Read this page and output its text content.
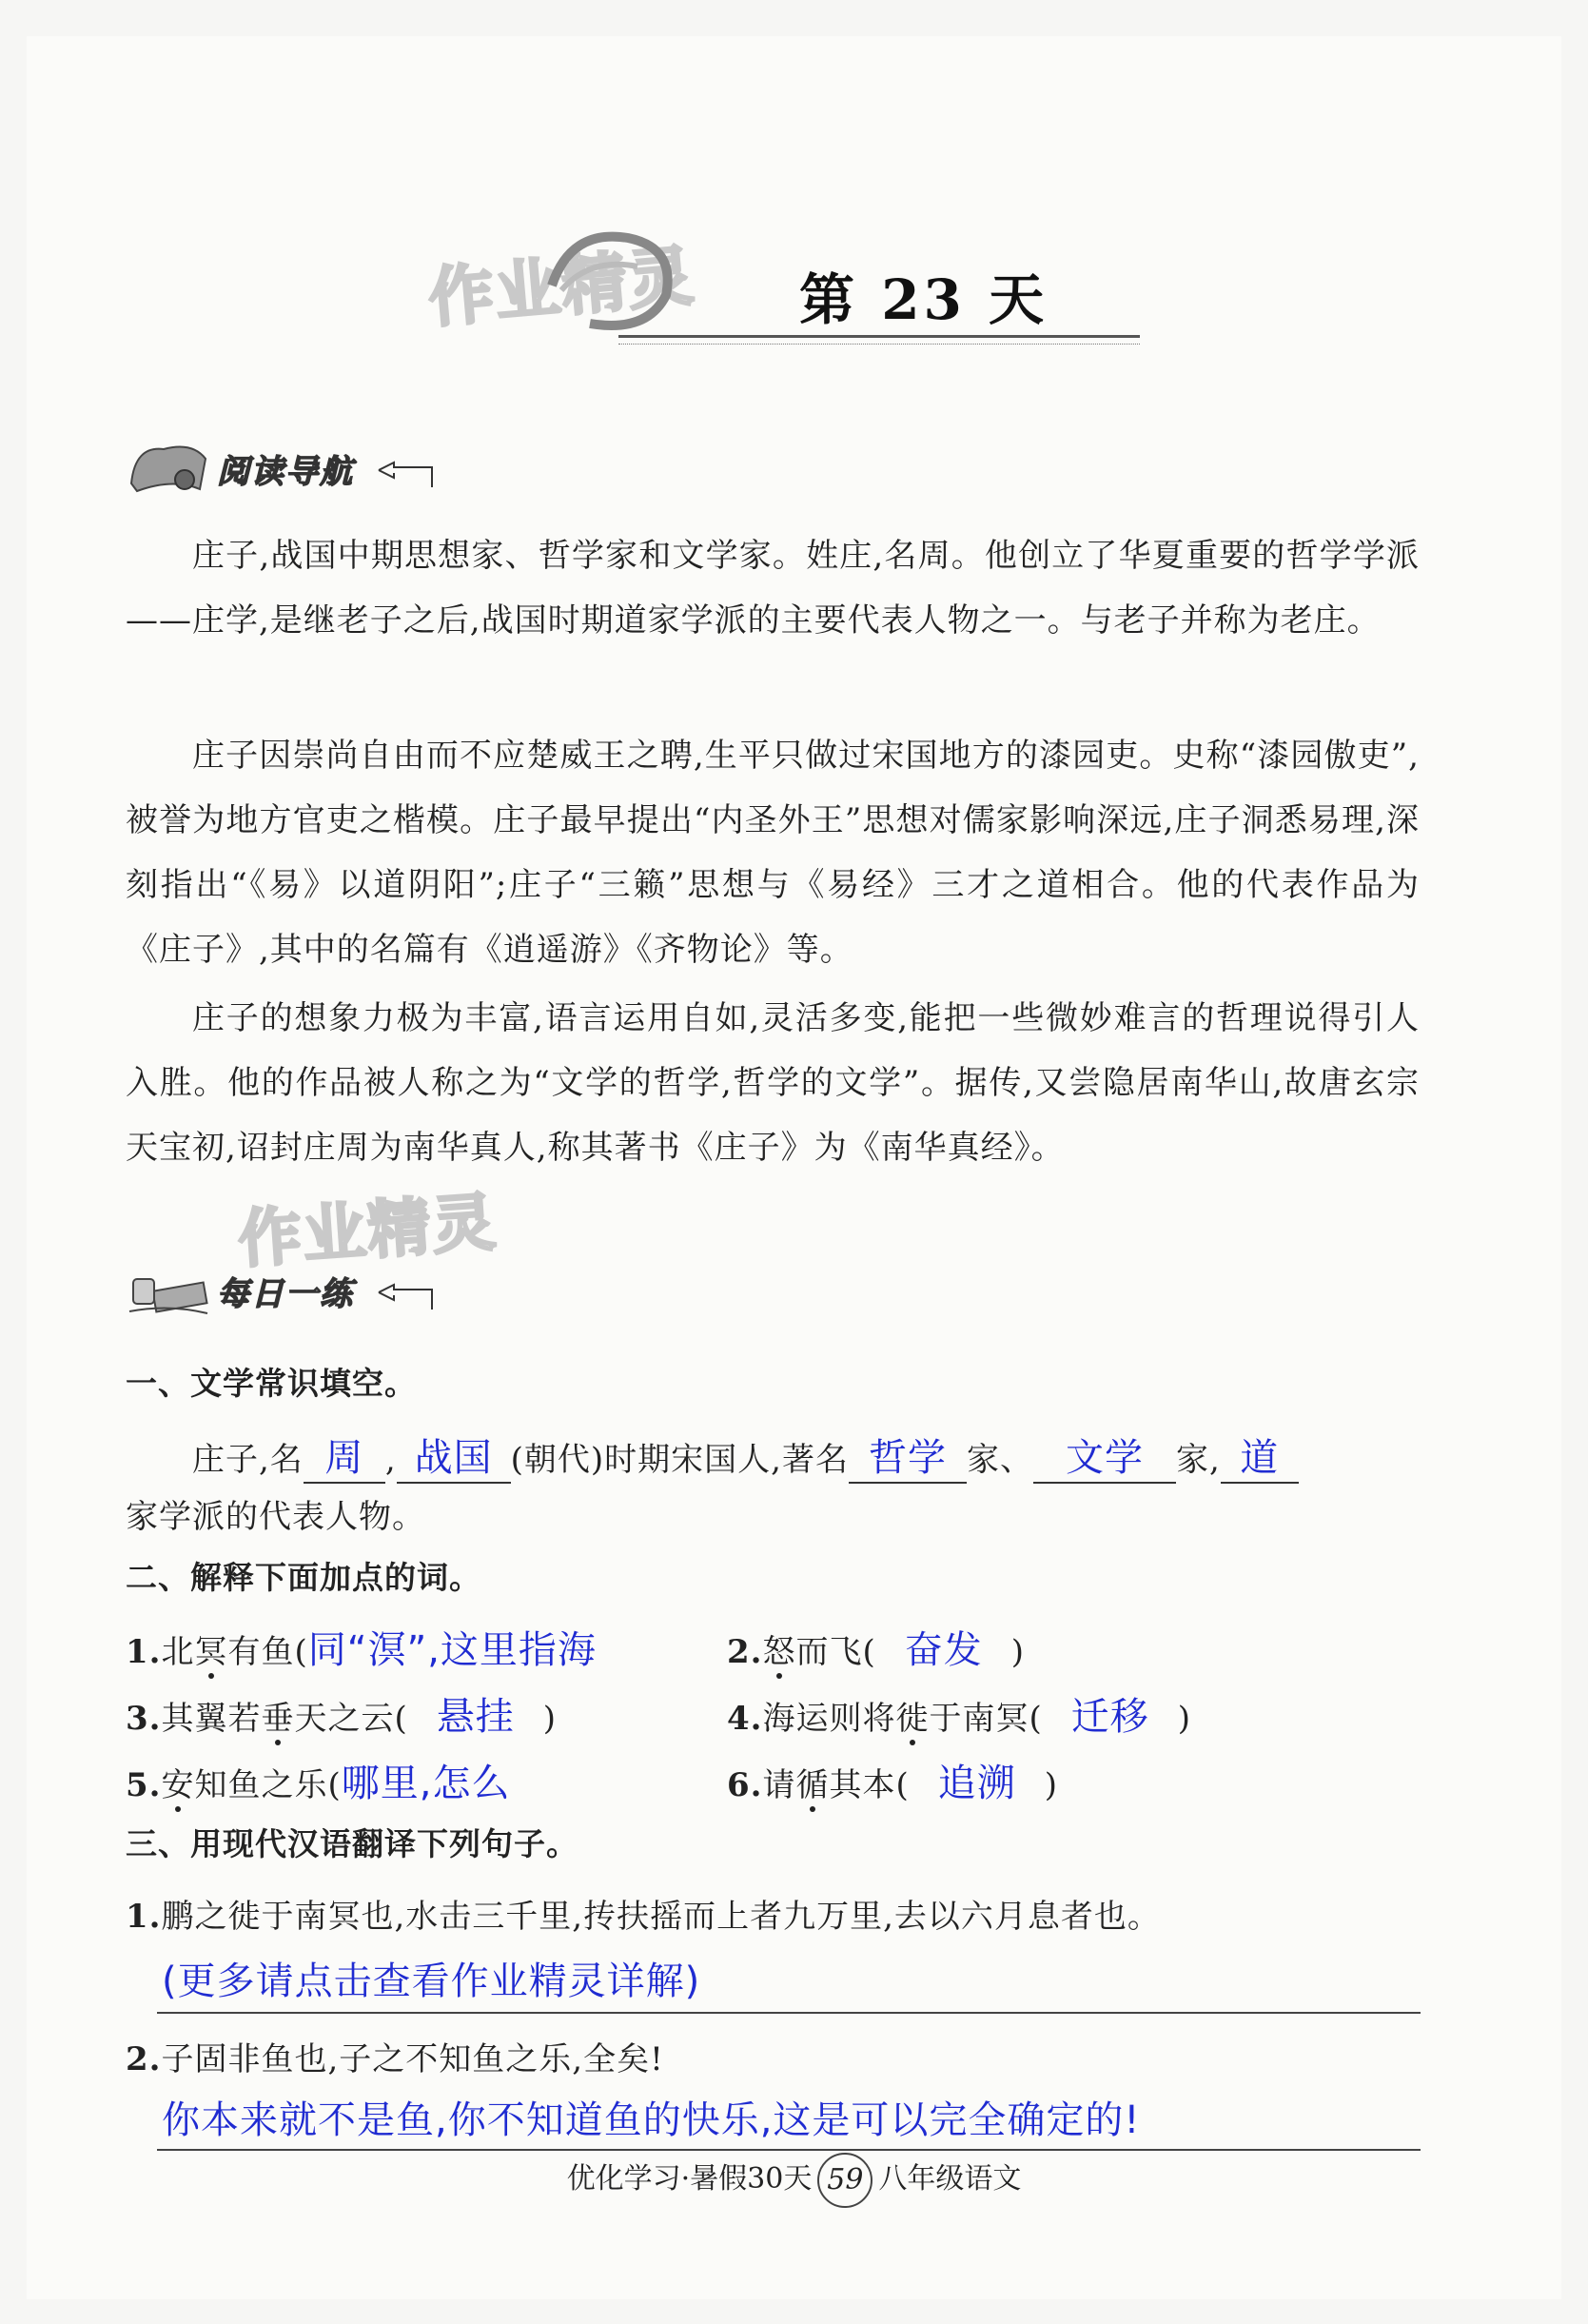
作业精灵 第 23 天
阅读导航

庄子,战国中期思想家、哲学家和文学家。姓庄,名周。他创立了华夏重要的哲学学派——庄学,是继老子之后,战国时期道家学派的主要代表人物之一。与老子并称为老庄。

庄子因崇尚自由而不应楚威王之聘,生平只做过宋国地方的漆园吏。史称“漆园傲吏”,被誉为地方官吏之楷模。庄子最早提出“内圣外王”思想对儒家影响深远,庄子洞悉易理,深刻指出“《易》以道阴阳”;庄子“三籁”思想与《易经》三才之道相合。他的代表作品为《庄子》,其中的名篇有《逍遥游》《齐物论》等。

庄子的想象力极为丰富,语言运用自如,灵活多变,能把一些微妙难言的哲理说得引人入胜。他的作品被人称之为“文学的哲学,哲学的文学”。据传,又尝隐居南华山,故唐玄宗天宝初,诏封庄周为南华真人,称其著书《庄子》为《南华真经》。

作业精灵
每日一练
一、文学常识填空。
庄子,名 周 , 战国 (朝代)时期宋国人,著名 哲学 家、 文学 家, 道
家学派的代表人物。
二、解释下面加点的词。
1.北冥有鱼(同“溟”,这里指海	2.怒而飞( 奋发 )
3.其翼若垂天之云( 悬挂 )	4.海运则将徙于南冥( 迁移 )
5.安知鱼之乐(哪里,怎么	6.请循其本( 追溯 )
三、用现代汉语翻译下列句子。
1.鹏之徙于南冥也,水击三千里,抟扶摇而上者九万里,去以六月息者也。
(更多请点击查看作业精灵详解)
2.子固非鱼也,子之不知鱼之乐,全矣!
你本来就不是鱼,你不知道鱼的快乐,这是可以完全确定的!
优化学习·暑假30天 59 八年级语文
